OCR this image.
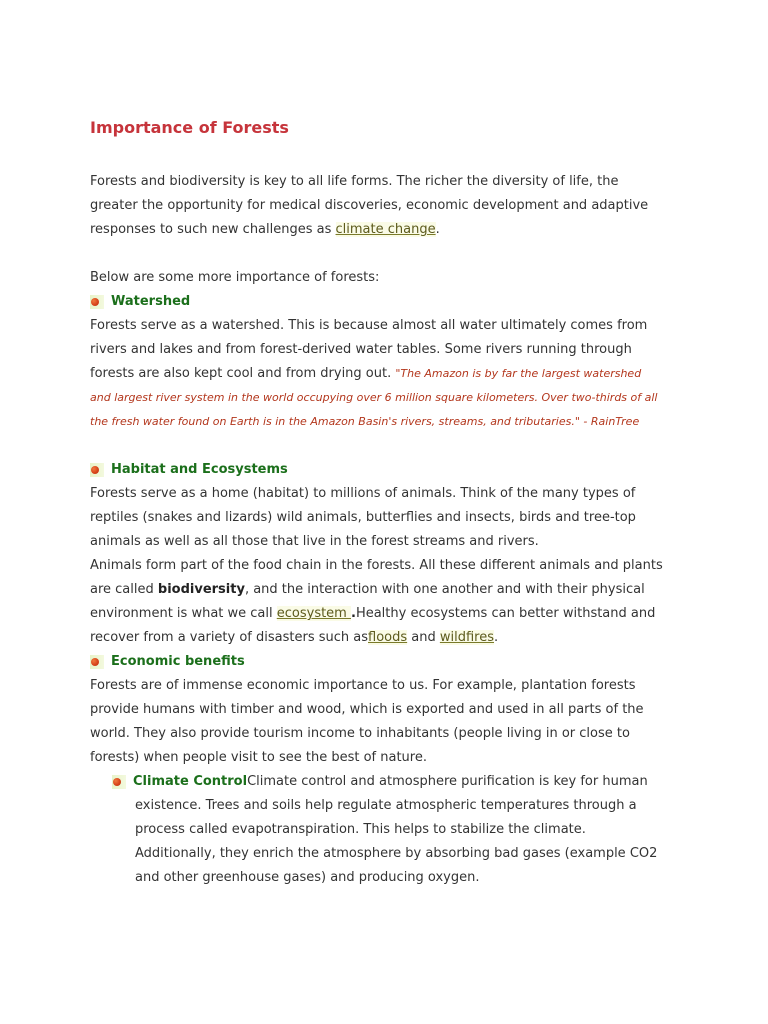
Importance of Forests

Forests and biodiversity is key to all life forms. The richer the diversity of life, the
greater the opportunity for medical discoveries, economic development and adaptive
responses to such new challenges as climate change.

Below are some more importance of forests:

Watershed

Forests serve as a watershed. This is because almost all water ultimately comes from
rivers and lakes and from forest-derived water tables. Some rivers running through
forests are also kept cool and from drying out. "The Amazon is by far the largest watershed
and largest river system in the world occupying over 6 million square kilometers. Over two-thirds of all
the fresh water found on Earth is in the Amazon Basin's rivers, streams, and tributaries." - RainTree

Habitat and Ecosystems

Forests serve as a home (habitat) to millions of animals. Think of the many types of
reptiles (snakes and lizards) wild animals, butterflies and insects, birds and tree-top
animals as well as all those that live in the forest streams and rivers.
Animals form part of the food chain in the forests. All these different animals and plants
are called biodiversity, and the interaction with one another and with their physical
environment is what we call ecosystem .Healthy ecosystems can better withstand and
recover from a variety of disasters such asfloods and wildfires.

Economic benefits

Forests are of immense economic importance to us. For example, plantation forests
provide humans with timber and wood, which is exported and used in all parts of the
world. They also provide tourism income to inhabitants (people living in or close to
forests) when people visit to see the best of nature.

Climate Control Climate control and atmosphere purification is key for human

existence. Trees and soils help regulate atmospheric temperatures through a
process called evapotranspiration. This helps to stabilize the climate.
Additionally, they enrich the atmosphere by absorbing bad gases (example CO2
and other greenhouse gases) and producing oxygen.
